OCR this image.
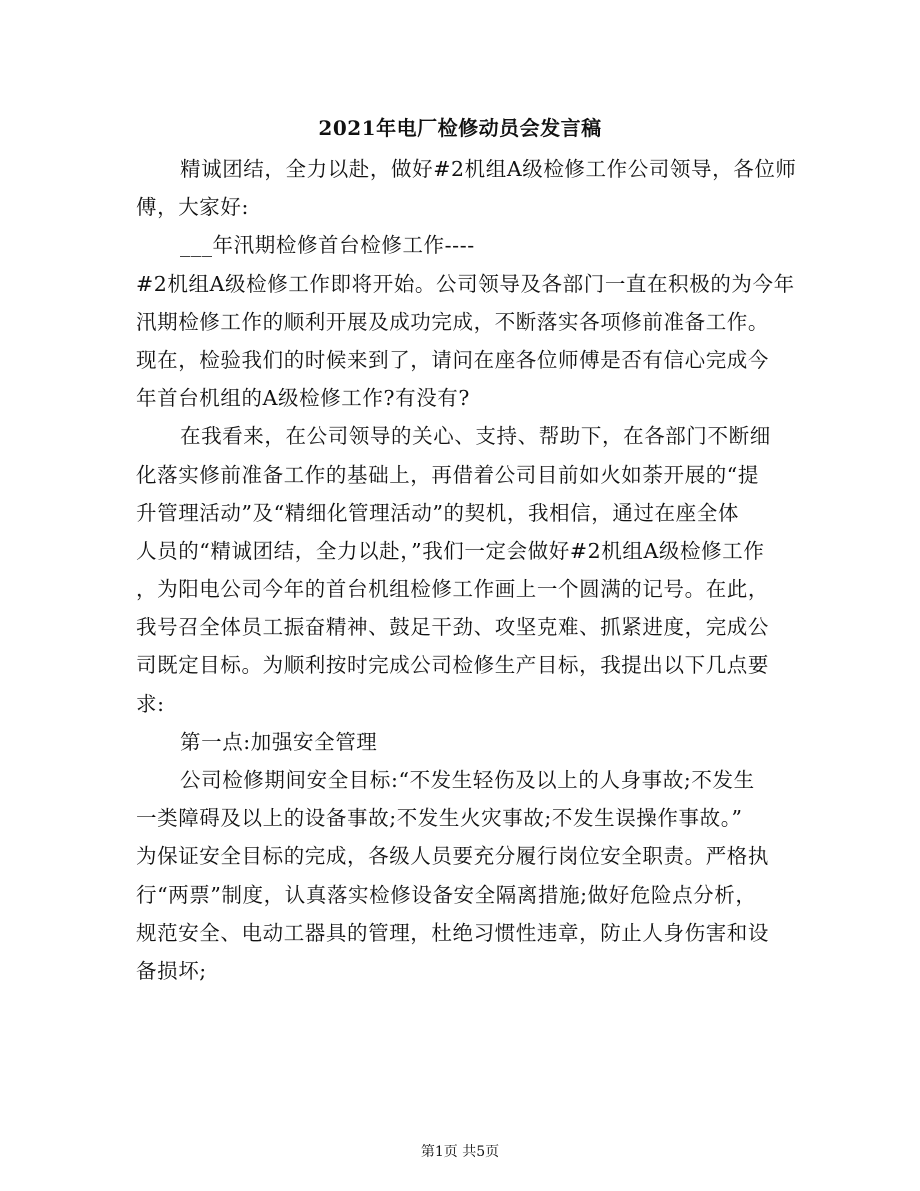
2021年电厂检修动员会发言稿
精诚团结，全力以赴，做好#2机组A级检修工作公司领导，各位师
傅，大家好:
___年汛期检修首台检修工作----
#2机组A级检修工作即将开始。公司领导及各部门一直在积极的为今年
汛期检修工作的顺利开展及成功完成，不断落实各项修前准备工作。
现在，检验我们的时候来到了，请问在座各位师傅是否有信心完成今
年首台机组的A级检修工作?有没有?
在我看来，在公司领导的关心、支持、帮助下，在各部门不断细
化落实修前准备工作的基础上，再借着公司目前如火如荼开展的“提
升管理活动”及“精细化管理活动”的契机，我相信，通过在座全体
人员的“精诚团结，全力以赴，”我们一定会做好#2机组A级检修工作
，为阳电公司今年的首台机组检修工作画上一个圆满的记号。在此，
我号召全体员工振奋精神、鼓足干劲、攻坚克难、抓紧进度，完成公
司既定目标。为顺利按时完成公司检修生产目标，我提出以下几点要
求:
第一点:加强安全管理
公司检修期间安全目标:“不发生轻伤及以上的人身事故;不发生
一类障碍及以上的设备事故;不发生火灾事故;不发生误操作事故。”
为保证安全目标的完成，各级人员要充分履行岗位安全职责。严格执
行“两票”制度，认真落实检修设备安全隔离措施;做好危险点分析，
规范安全、电动工器具的管理，杜绝习惯性违章，防止人身伤害和设
备损坏;
第1页 共5页
